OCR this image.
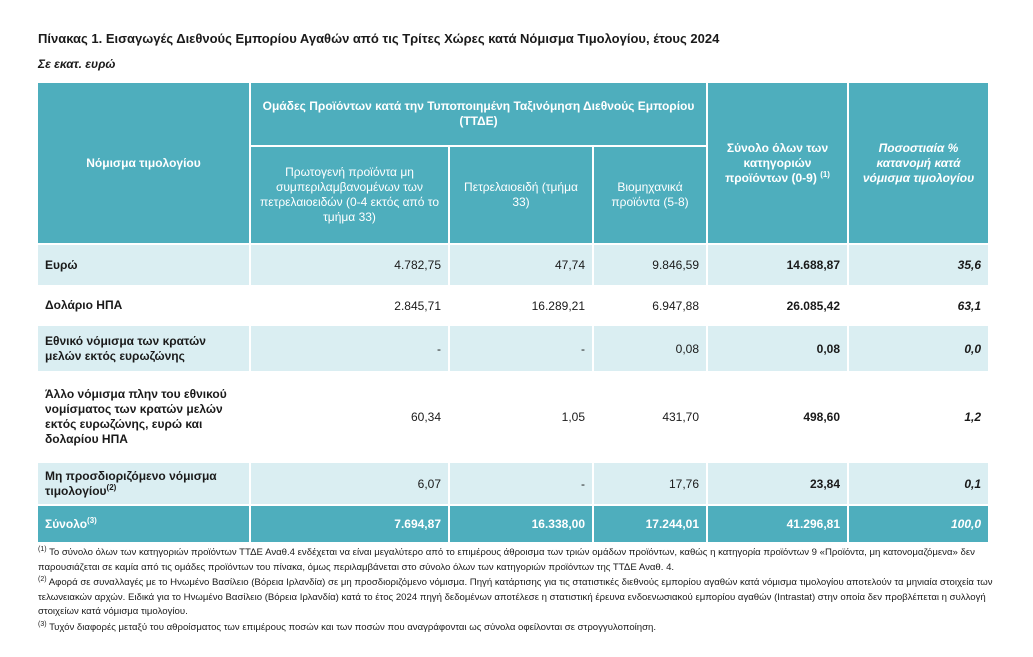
Πίνακας 1. Εισαγωγές Διεθνούς Εμπορίου Αγαθών από τις Τρίτες Χώρες κατά Νόμισμα Τιμολογίου, έτους 2024
Σε εκατ. ευρώ
Νόμισμα τιμολογίου	Ομάδες Προϊόντων κατά την Τυποποιημένη Ταξινόμηση Διεθνούς Εμπορίου (ΤΤΔΕ)			Σύνολο όλων των κατηγοριών προϊόντων (0-9) $^{(1)}$	Ποσοστιαία % κατανομή κατά νόμισμα τιμολογίου
	Πρωτογενή προϊόντα μη συμπεριλαμβανομένων των πετρελαιοειδών (0-4 εκτός από το τμήμα 33)	Πετρελαιοειδή (τμήμα 33)	Βιομηχανικά προϊόντα (5-8)		
Ευρώ	4.782,75	47,74	9.846,59	14.688,87	35,6
Δολάριο ΗΠΑ	2.845,71	16.289,21	6.947,88	26.085,42	63,1
Εθνικό νόμισμα των κρατών μελών εκτός ευρωζώνης	-	-	0,08	0,08	0,0
Άλλο νόμισμα πλην του εθνικού νομίσματος των κρατών μελών εκτός ευρωζώνης, ευρώ και δολαρίου ΗΠΑ	60,34	1,05	431,70	498,60	1,2
Μη προσδιοριζόμενο νόμισμα τιμολογίου$^{(2)}$	6,07	-	17,76	23,84	0,1
Σύνολο$^{(3)}$	7.694,87	16.338,00	17.244,01	41.296,81	100,0

$^{(1)}$ Το σύνολο όλων των κατηγοριών προϊόντων ΤΤΔΕ Αναθ.4 ενδέχεται να είναι μεγαλύτερο από το επιμέρους άθροισμα των τριών ομάδων προϊόντων, καθώς η κατηγορία προϊόντων 9 «Προϊόντα, μη κατονομαζόμενα» δεν παρουσιάζεται σε καμία από τις ομάδες προϊόντων του πίνακα, όμως περιλαμβάνεται στο σύνολο όλων των κατηγοριών προϊόντων της ΤΤΔΕ Αναθ. 4.

$^{(2)}$ Αφορά σε συναλλαγές με το Ηνωμένο Βασίλειο (Βόρεια Ιρλανδία) σε μη προσδιοριζόμενο νόμισμα. Πηγή κατάρτισης για τις στατιστικές διεθνούς εμπορίου αγαθών κατά νόμισμα τιμολογίου αποτελούν τα μηνιαία στοιχεία των τελωνειακών αρχών. Ειδικά για το Ηνωμένο Βασίλειο (Βόρεια Ιρλανδία) κατά το έτος 2024 πηγή δεδομένων αποτέλεσε η στατιστική έρευνα ενδοενωσιακού εμπορίου αγαθών (Intrastat) στην οποία δεν προβλέπεται η συλλογή στοιχείων κατά νόμισμα τιμολογίου.

$^{(3)}$ Τυχόν διαφορές μεταξύ του αθροίσματος των επιμέρους ποσών και των ποσών που αναγράφονται ως σύνολα οφείλονται σε στρογγυλοποίηση.
